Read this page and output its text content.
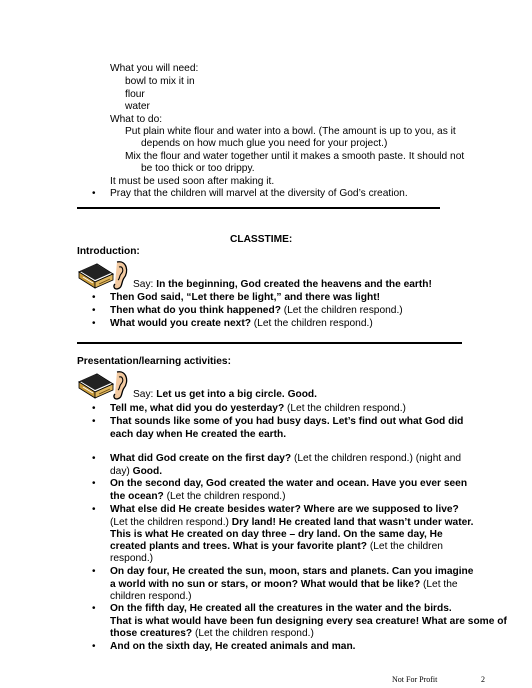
What you will need:
bowl to mix it in
flour
water
What to do:
Put plain white flour and water into a bowl. (The amount is up to you, as it
depends on how much glue you need for your project.)
Mix the flour and water together until it makes a smooth paste. It should not
be too thick or too drippy.
It must be used soon after making it.
• Pray that the children will marvel at the diversity of God’s creation.
CLASSTIME:
Introduction:
Say: In the beginning, God created the heavens and the earth!
• Then God said, “Let there be light,” and there was light!
• Then what do you think happened? (Let the children respond.)
• What would you create next? (Let the children respond.)
Presentation/learning activities:
Say: Let us get into a big circle. Good.
• Tell me, what did you do yesterday? (Let the children respond.)
• That sounds like some of you had busy days. Let’s find out what God did
each day when He created the earth.
• What did God create on the first day? (Let the children respond.) (night and
day) Good.
• On the second day, God created the water and ocean. Have you ever seen
the ocean? (Let the children respond.)
• What else did He create besides water? Where are we supposed to live?
(Let the children respond.) Dry land! He created land that wasn’t under water.
This is what He created on day three – dry land. On the same day, He
created plants and trees. What is your favorite plant? (Let the children
respond.)
• On day four, He created the sun, moon, stars and planets. Can you imagine
a world with no sun or stars, or moon? What would that be like? (Let the
children respond.)
• On the fifth day, He created all the creatures in the water and the birds.
That is what would have been fun designing every sea creature! What are some of
those creatures? (Let the children respond.)
• And on the sixth day, He created animals and man.
Not For Profit	2
